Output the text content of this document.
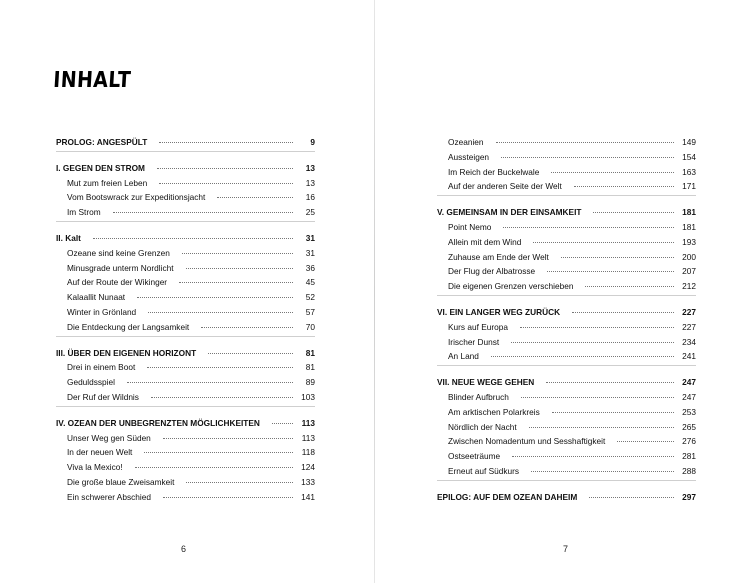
INHALT
PROLOG: ANGESPÜLT	9
I. GEGEN DEN STROM	13
Mut zum freien Leben	13
Vom Bootswrack zur Expeditionsjacht	16
Im Strom	25
II. Kalt	31
Ozeane sind keine Grenzen	31
Minusgrade unterm Nordlicht	36
Auf der Route der Wikinger	45
Kalaallit Nunaat	52
Winter in Grönland	57
Die Entdeckung der Langsamkeit	70
III. ÜBER DEN EIGENEN HORIZONT	81
Drei in einem Boot	81
Geduldsspiel	89
Der Ruf der Wildnis	103
IV. OZEAN DER UNBEGRENZTEN MÖGLICHKEITEN	113
Unser Weg gen Süden	113
In der neuen Welt	118
Viva la Mexico!	124
Die große blaue Zweisamkeit	133
Ein schwerer Abschied	141
Ozeanien	149
Aussteigen	154
Im Reich der Buckelwale	163
Auf der anderen Seite der Welt	171
V. GEMEINSAM IN DER EINSAMKEIT	181
Point Nemo	181
Allein mit dem Wind	193
Zuhause am Ende der Welt	200
Der Flug der Albatrosse	207
Die eigenen Grenzen verschieben	212
VI. EIN LANGER WEG ZURÜCK	227
Kurs auf Europa	227
Irischer Dunst	234
An Land	241
VII. NEUE WEGE GEHEN	247
Blinder Aufbruch	247
Am arktischen Polarkreis	253
Nördlich der Nacht	265
Zwischen Nomadentum und Sesshaftigkeit	276
Ostseeträume	281
Erneut auf Südkurs	288
EPILOG: AUF DEM OZEAN DAHEIM	297
6	7
